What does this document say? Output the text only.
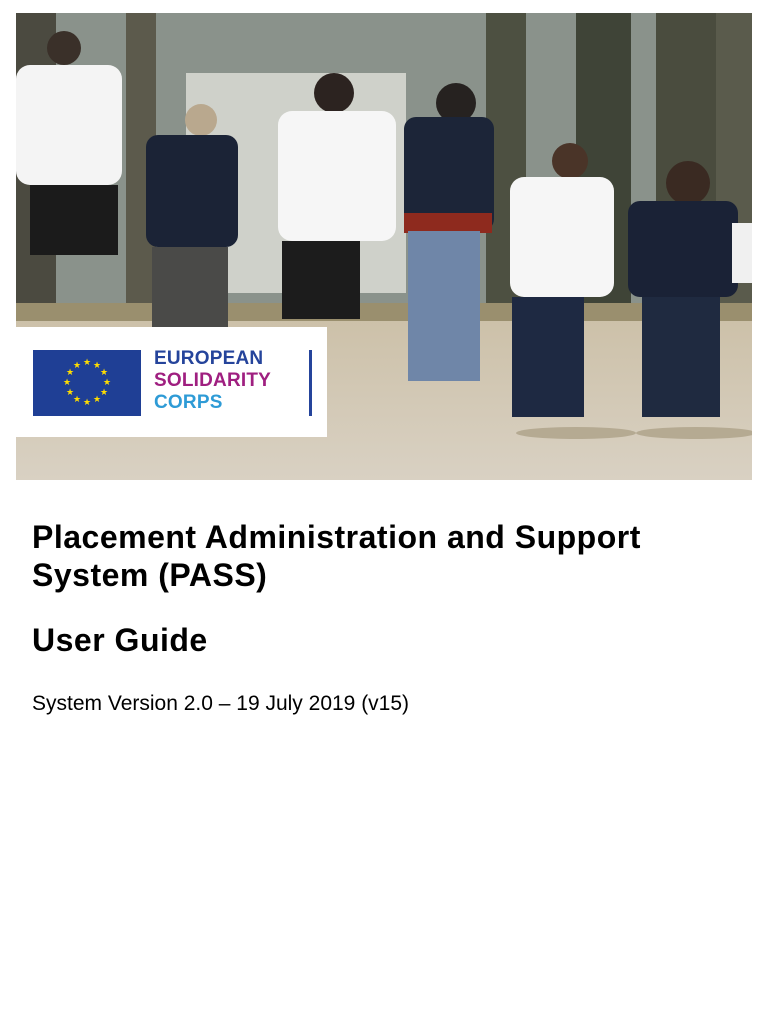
★ ★
★
★
★
★
★
★
★
★
★
★	EUROPEAN
SOLIDARITY
CORPS
Placement Administration and Support System (PASS)
User Guide
System Version 2.0 – 19 July 2019 (v15)
